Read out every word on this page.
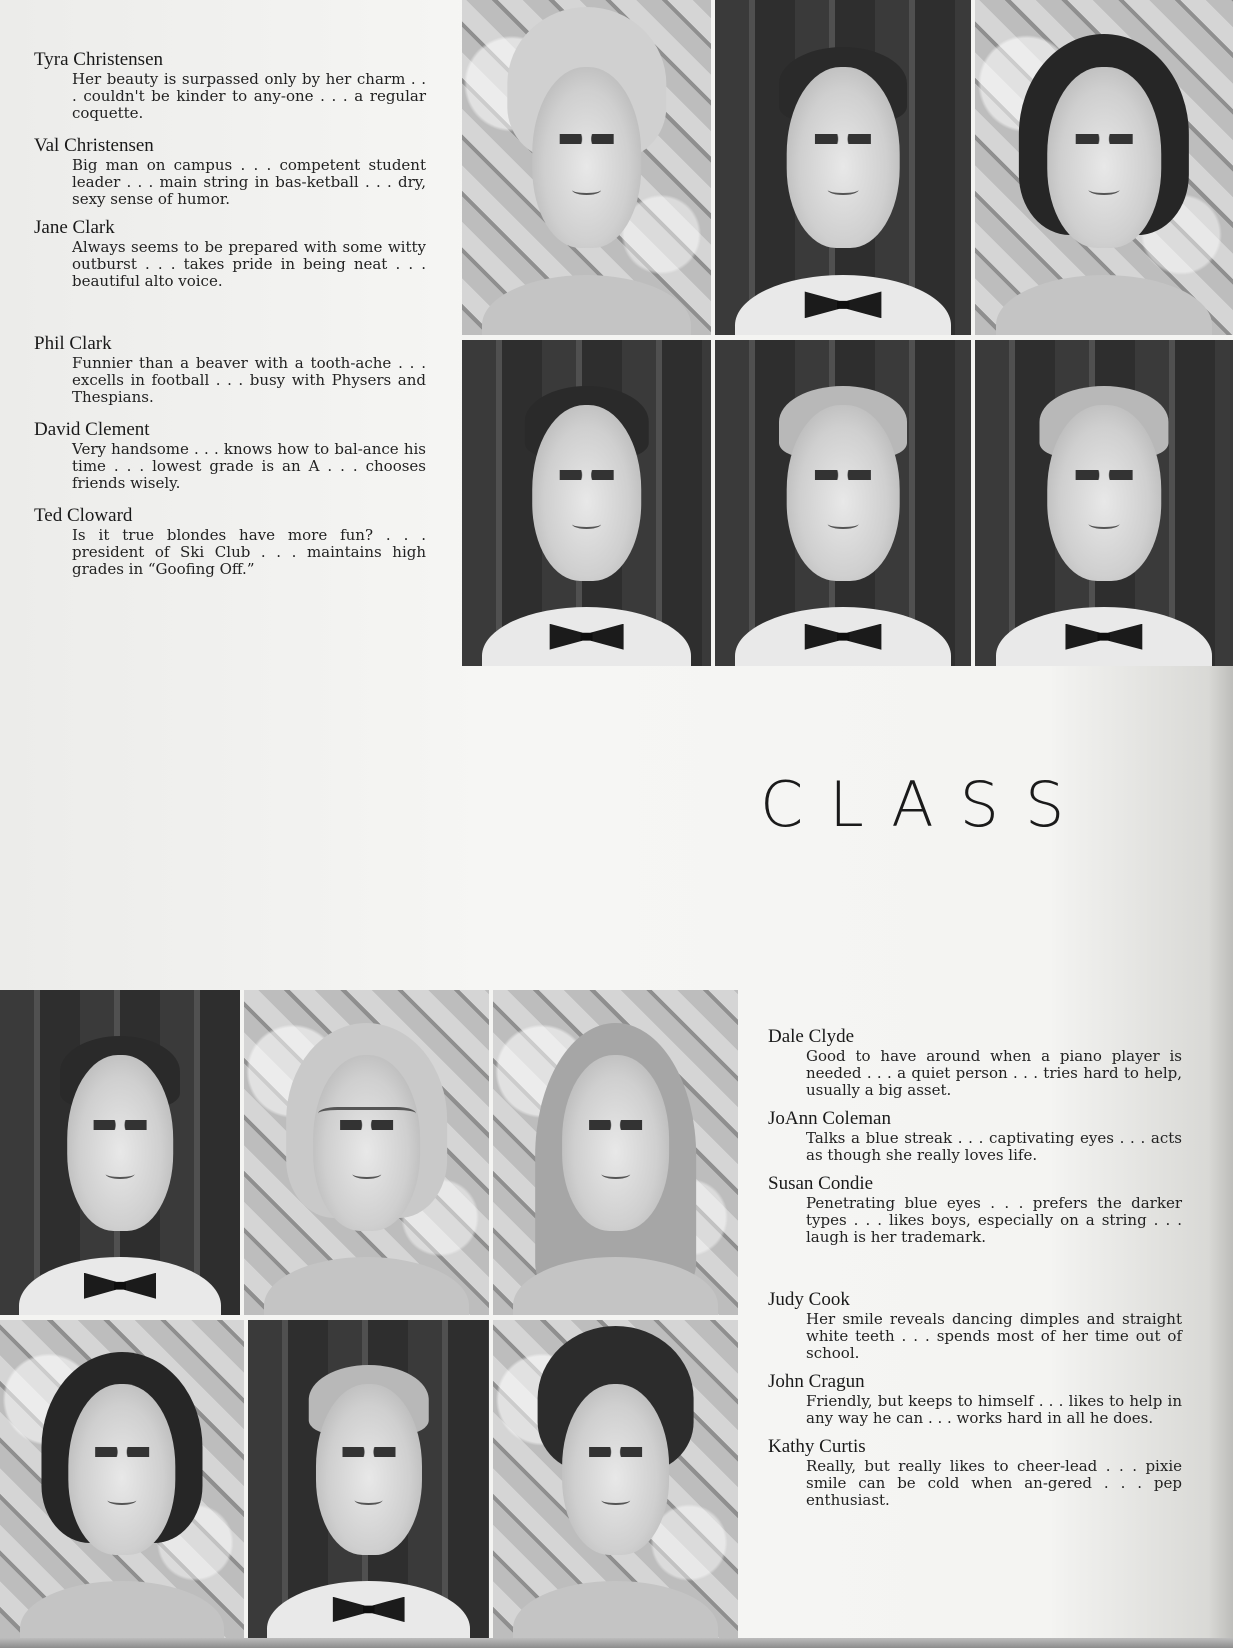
Tyra Christensen

Her beauty is surpassed only by her charm . . . couldn't be kinder to any-one . . . a regular coquette.

Val Christensen

Big man on campus . . . competent student leader . . . main string in bas-ketball . . . dry, sexy sense of humor.

Jane Clark

Always seems to be prepared with some witty outburst . . . takes pride in being neat . . . beautiful alto voice.

Phil Clark

Funnier than a beaver with a tooth-ache . . . excells in football . . . busy with Physers and Thespians.

David Clement

Very handsome . . . knows how to bal-ance his time . . . lowest grade is an A . . . chooses friends wisely.

Ted Cloward

Is it true blondes have more fun? . . . president of Ski Club . . . maintains high grades in “Goofing Off.”

CLASS

Dale Clyde

Good to have around when a piano player is needed . . . a quiet person . . . tries hard to help, usually a big asset.

JoAnn Coleman

Talks a blue streak . . . captivating eyes . . . acts as though she really loves life.

Susan Condie

Penetrating blue eyes . . . prefers the darker types . . . likes boys, especially on a string . . . laugh is her trademark.

Judy Cook

Her smile reveals dancing dimples and straight white teeth . . . spends most of her time out of school.

John Cragun

Friendly, but keeps to himself . . . likes to help in any way he can . . . works hard in all he does.

Kathy Curtis

Really, but really likes to cheer-lead . . . pixie smile can be cold when an-gered . . . pep enthusiast.
